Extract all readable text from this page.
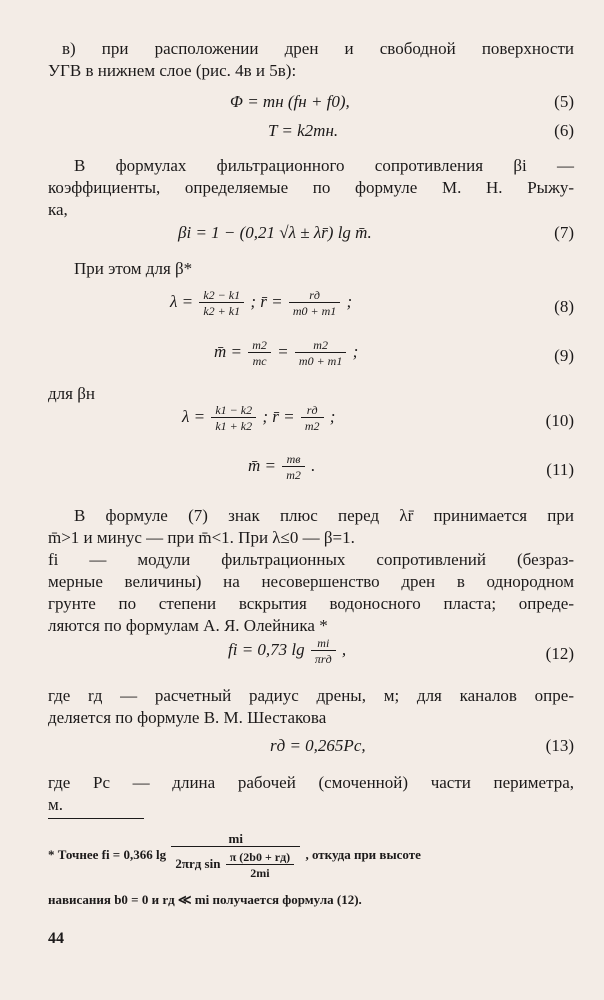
в) при расположении дрен и свободной поверхности
УГВ в нижнем слое (рис. 4в и 5в):
Φ = mн (fн + f0),	(5)
T = k2mн.	(6)
В формулах фильтрационного сопротивления βi —
коэффициенты, определяемые по формуле М. Н. Рыжу-
ка,
βi = 1 − (0,21 √λ ± λr̄) lg m̄.	(7)
При этом для β*
$\lambda = \frac{k2 - k1}{k2 + k1}$ ; r̄ = $\frac{rд}{m0 + m1}$ ;	(8)
m̄ = $\frac{m2}{mc} = \frac{m2}{m0 + m1}$ ;	(9)
для βн
$\lambda = \frac{k1 - k2}{k1 + k2}$ ; r̄ = $\frac{rд}{m2}$ ;	(10)
m̄ = $\frac{mв}{m2}$ .	(11)
В формуле (7) знак плюс перед λr̄ принимается при
m̄>1 и минус — при m̄<1. При λ≤0 — β=1.
fi — модули фильтрационных сопротивлений (безраз-
мерные величины) на несовершенство дрен в однородном
грунте по степени вскрытия водоносного пласта; опреде-
ляются по формулам А. Я. Олейника *
fi = 0,73 $\lg \frac{mi}{\text{πrд}}$ ,	(12)
где rд — расчетный радиус дрены, м; для каналов опре-
деляется по формуле В. М. Шестакова
rд = 0,265Pc,	(13)
где Pc — длина рабочей (смоченной) части периметра,
м.
* Точнее fi = 0,366 $\lg \frac{mi}{2\pi rд \sin \frac{\pi (2b0 + rд)}{2mi}}$ , откуда при высоте
нависания b0 = 0 и rд ≪ mi получается формула (12).
44
